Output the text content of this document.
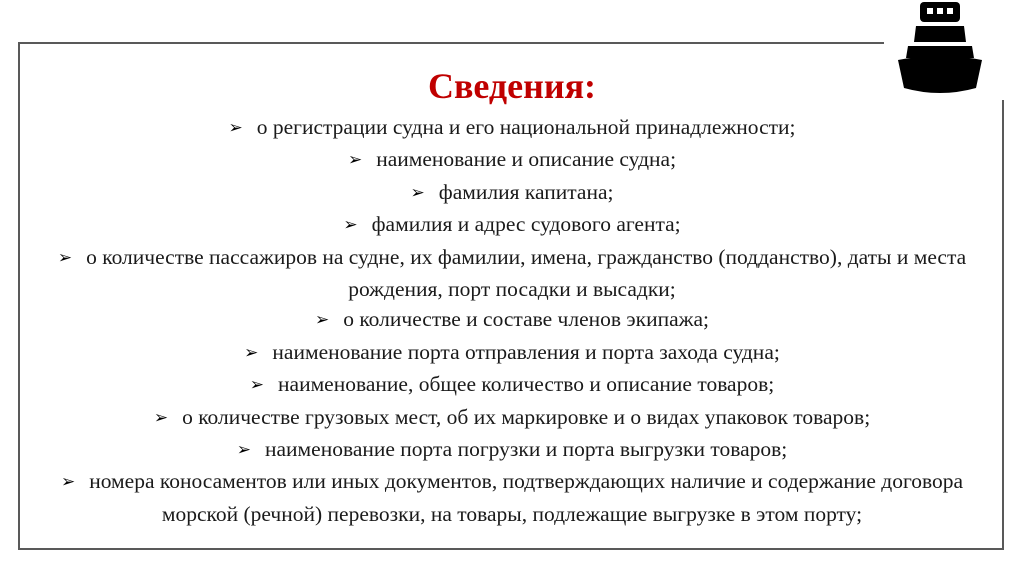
Сведения:
➢ о регистрации судна и его национальной принадлежности;
➢ наименование и описание судна;
➢ фамилия капитана;
➢ фамилия и адрес судового агента;
➢ о количестве пассажиров на судне, их фамилии, имена, гражданство (подданство), даты и места рождения, порт посадки и высадки;
➢ о количестве и составе членов экипажа;
➢ наименование порта отправления и порта захода судна;
➢ наименование, общее количество и описание товаров;
➢ о количестве грузовых мест, об их маркировке и о видах упаковок товаров;
➢ наименование порта погрузки и порта выгрузки товаров;
➢ номера коносаментов или иных документов, подтверждающих наличие и содержание договора морской (речной) перевозки, на товары, подлежащие выгрузке в этом порту;
